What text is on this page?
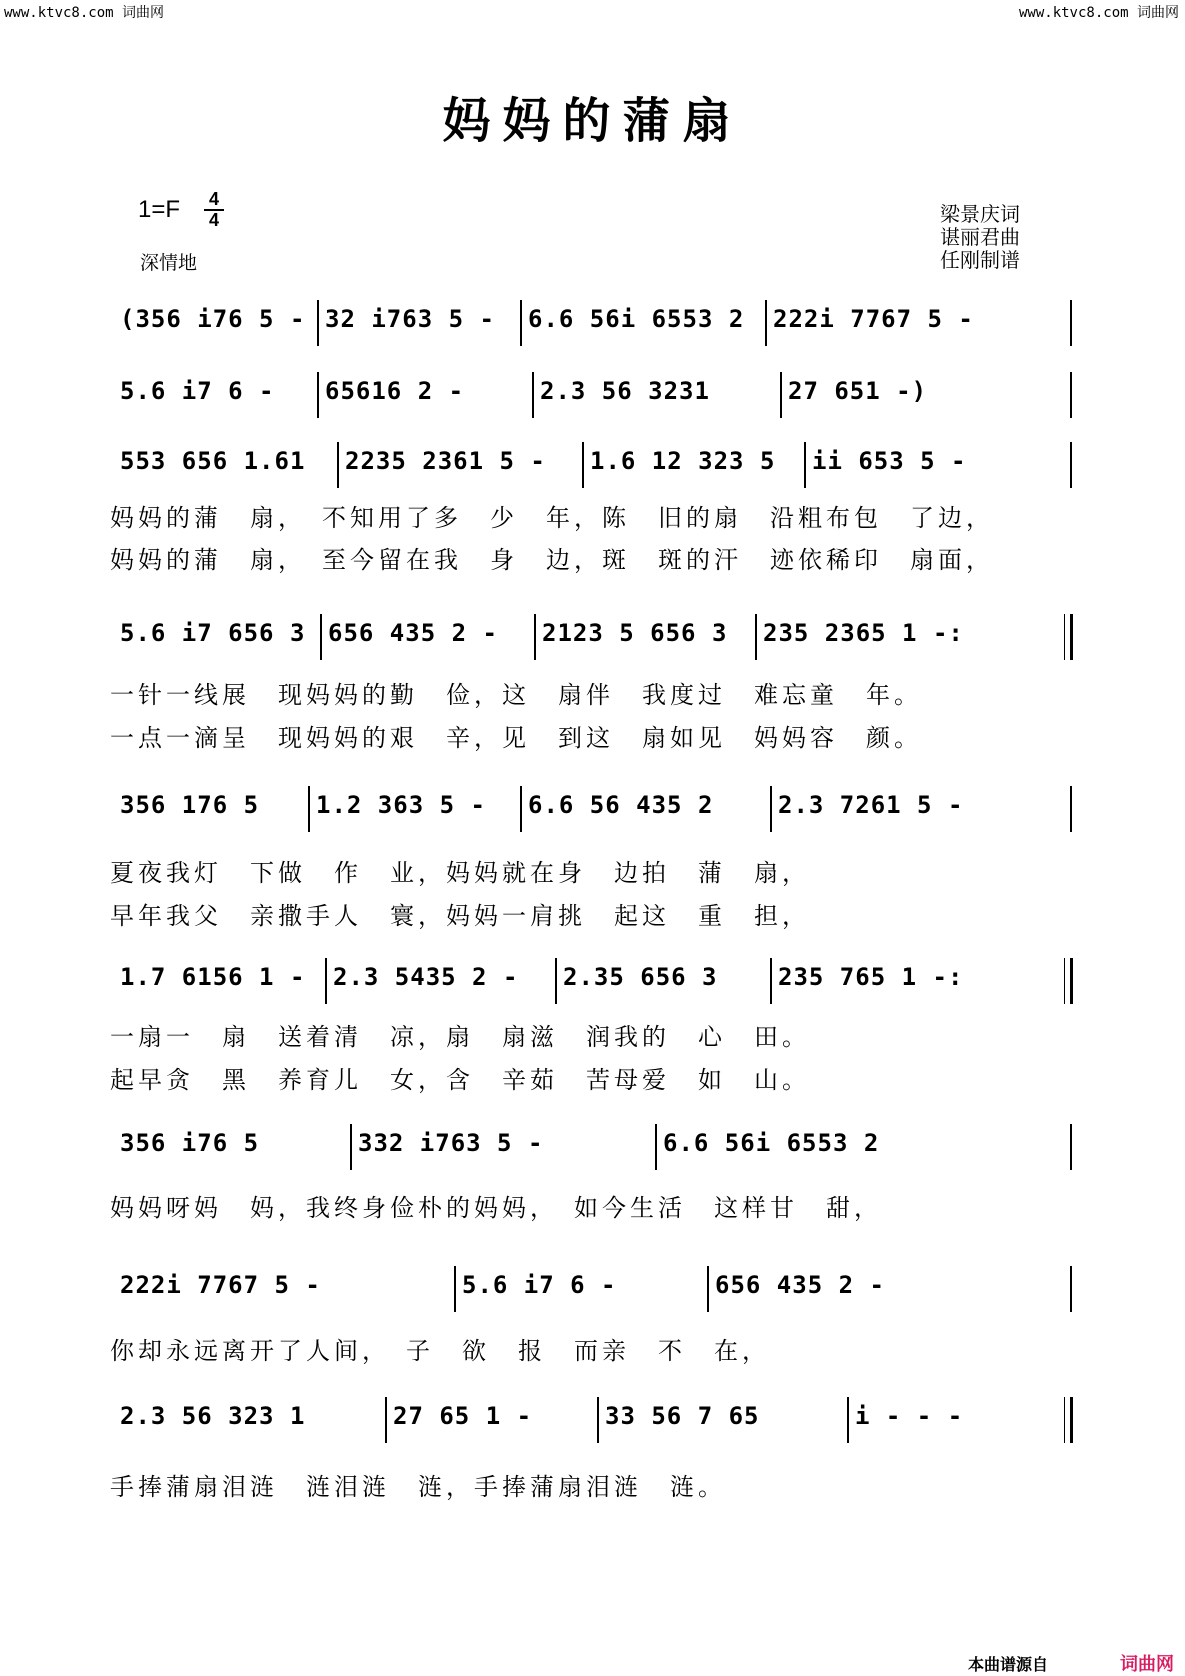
www.ktvc8.com 词曲网	www.ktvc8.com 词曲网
妈妈的蒲扇
$1=F \frac{4}{4}$
深情地
梁景庆词
谌丽君曲
任刚制谱
(356 i76 5 - 32 i763 5 - 6.6 56i 6553 2 222i 7767 5 -
5.6 i7 6 - 65616 2 -	2.3 56 3231	27 651 -)
553 656 1.61 2235 2361 5 - 1.6 12 323 5 ii 653 5 -
5.6 i7 656 3 656 435 2 - 2123 5 656 3 235 2365 1 -:
356 176 5 1.2 363 5 - 6.6 56 435 2	2.3 7261 5 -
1.7 6156 1 - 2.3 5435 2 - 2.35 656 3	235 765 1 -:
356 i76 5	332 i763 5 -	6.6 56i 6553 2
222i 7767 5 -	5.6 i7 6 -	656 435 2 -
2.3 56 323 1	27 65 1 -	33 56 7 65	i - - -
妈妈的蒲　扇，　不知用了多　少　年，陈　旧的扇　沿粗布包　了边，
妈妈的蒲　扇，　至今留在我　身　边，斑　斑的汗　迹依稀印　扇面，
一针一线展　现妈妈的勤　俭，这　扇伴　我度过　难忘童　年。
一点一滴呈　现妈妈的艰　辛，见　到这　扇如见　妈妈容　颜。
夏夜我灯　下做　作　业，妈妈就在身　边拍　蒲　扇，
早年我父　亲撒手人　寰，妈妈一肩挑　起这　重　担，
一扇一　扇　送着清　凉，扇　扇滋　润我的　心　田。
起早贪　黑　养育儿　女，含　辛茹　苦母爱　如　山。
妈妈呀妈　妈，我终身俭朴的妈妈，　如今生活　这样甘　甜，
你却永远离开了人间，　子　欲　报　而亲　不　在，
手捧蒲扇泪涟　涟泪涟　涟，手捧蒲扇泪涟　涟。
本曲谱源自	词曲网
